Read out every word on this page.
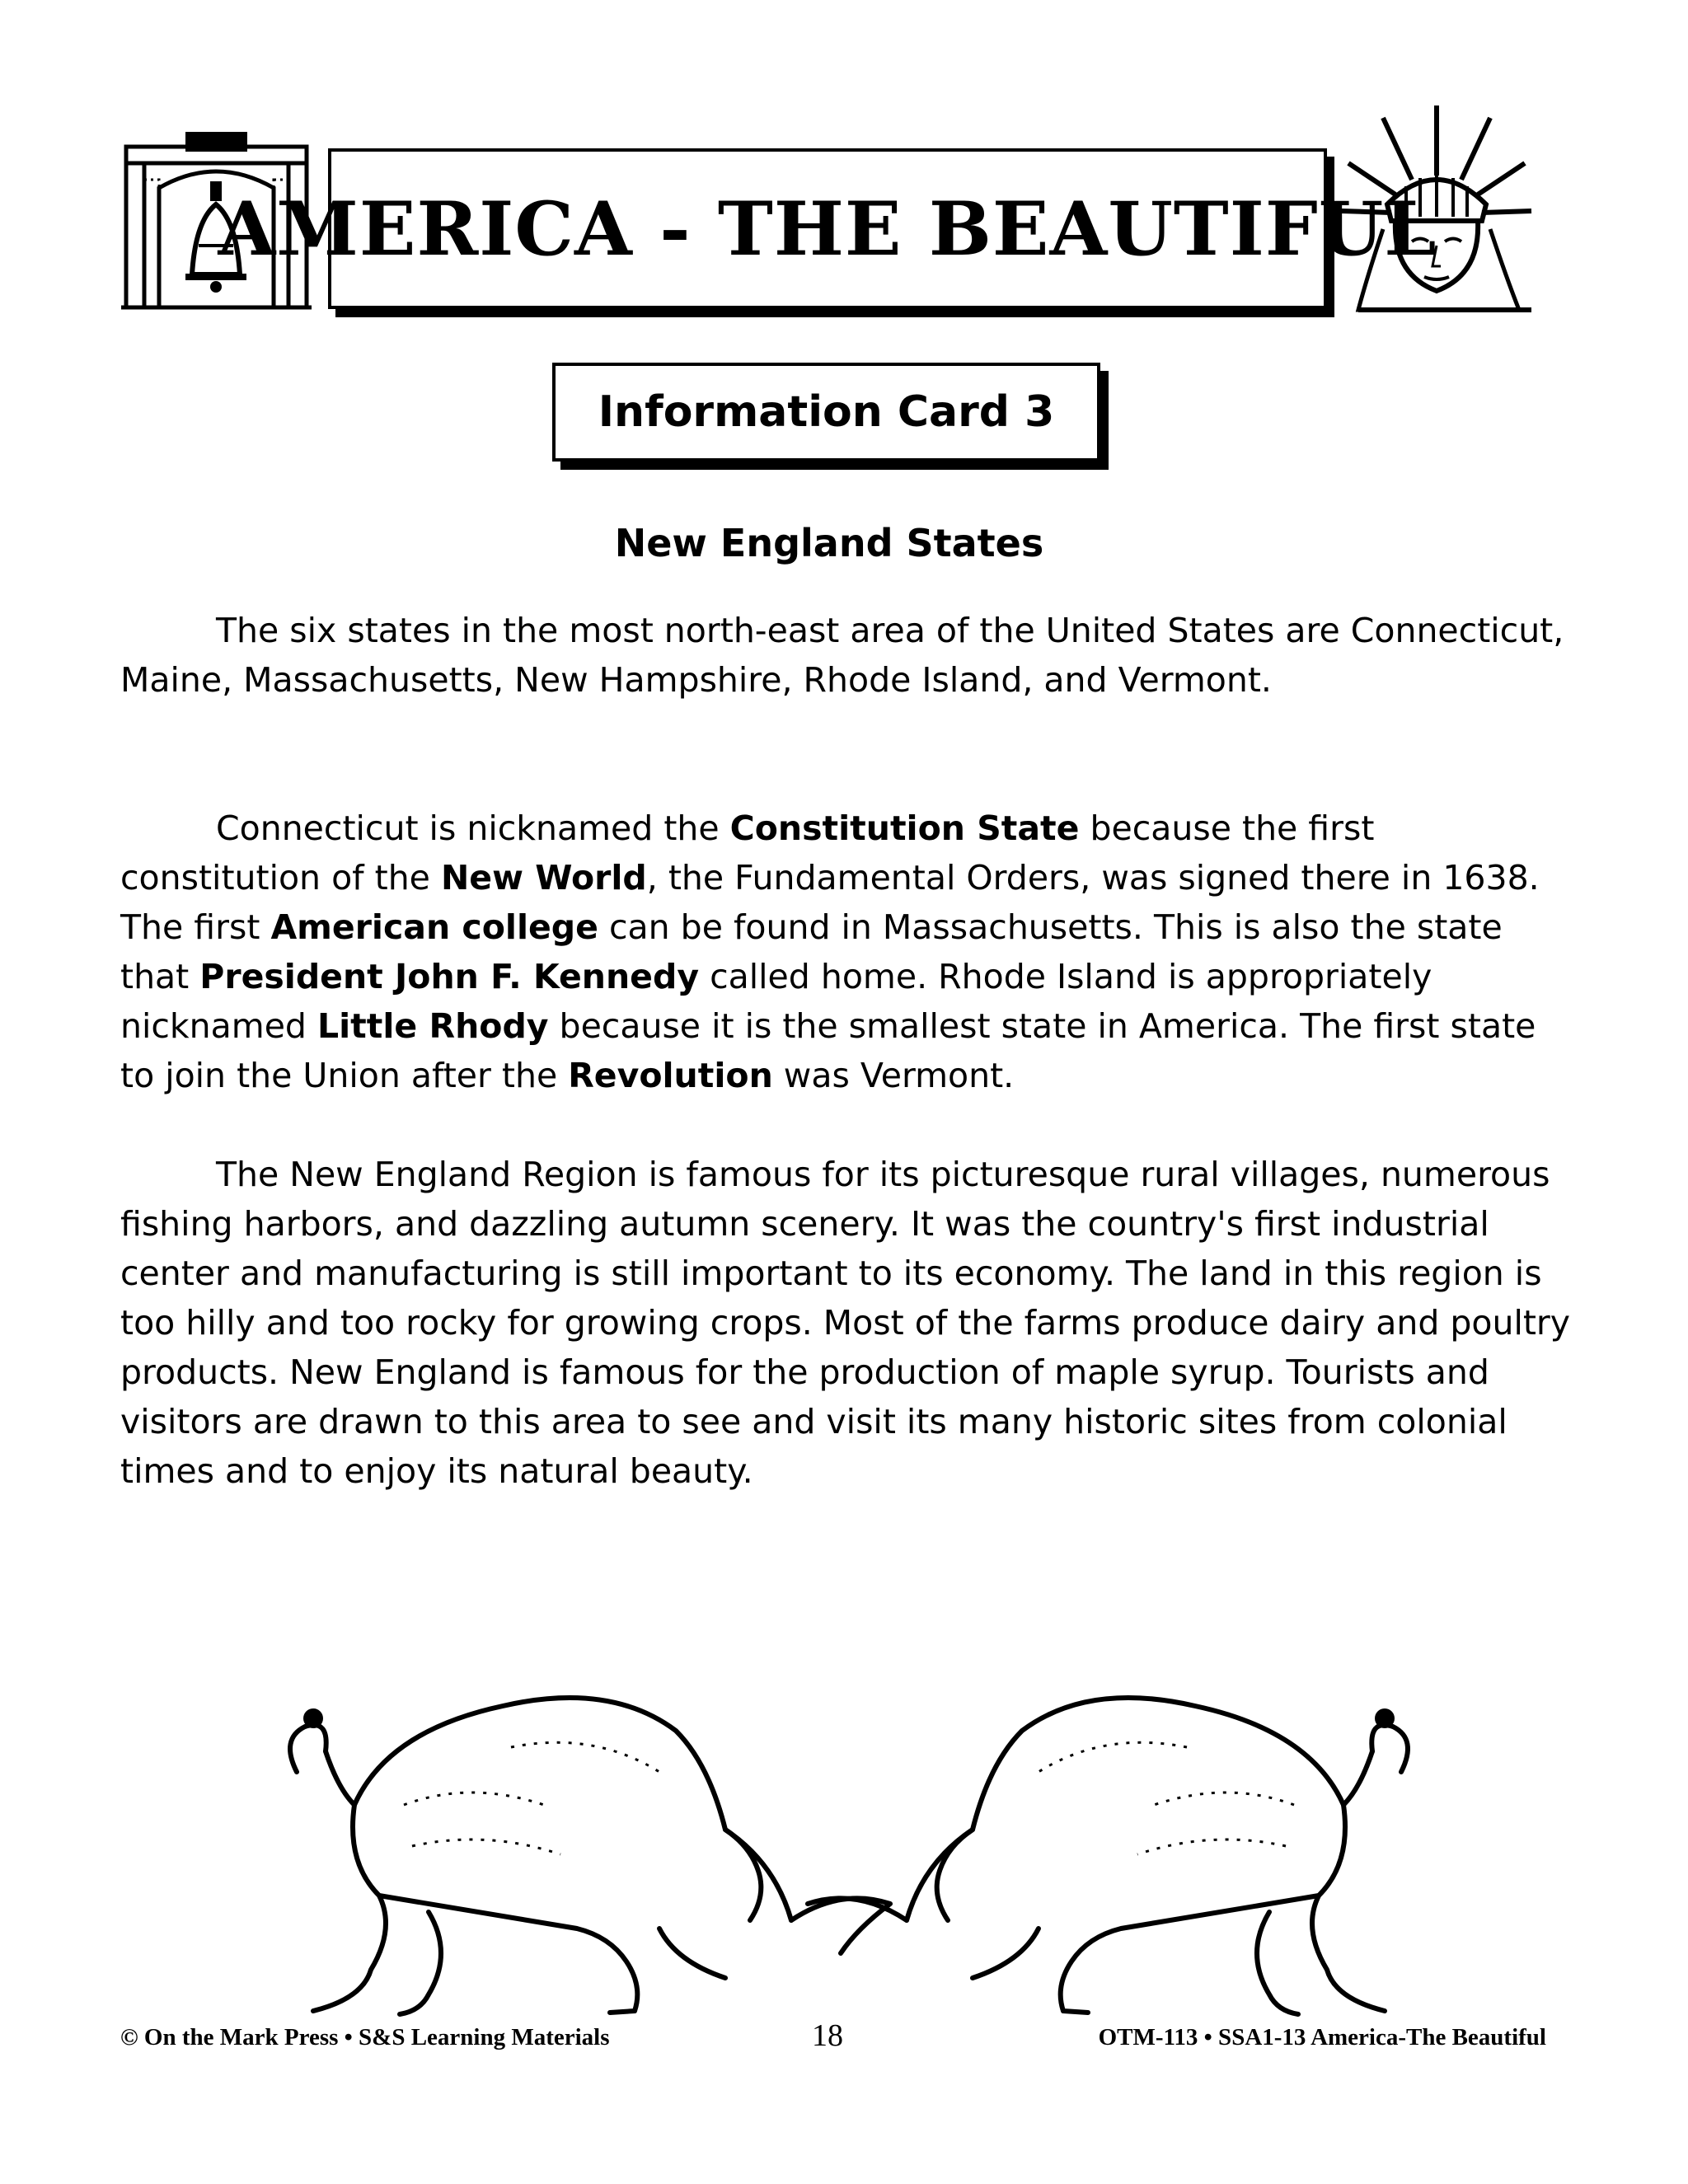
AMERICA - THE BEAUTIFUL
Information Card 3
New England States

The six states in the most north-east area of the United States are Connecticut, Maine, Massachusetts, New Hampshire, Rhode Island, and Vermont.

Connecticut is nicknamed the Constitution State because the first constitution of the New World, the Fundamental Orders, was signed there in 1638. The first American college can be found in Massachusetts. This is also the state that President John F. Kennedy called home. Rhode Island is appropriately nicknamed Little Rhody because it is the smallest state in America. The first state to join the Union after the Revolution was Vermont.

The New England Region is famous for its picturesque rural villages, numerous fishing harbors, and dazzling autumn scenery. It was the country's first industrial center and manufacturing is still important to its economy. The land in this region is too hilly and too rocky for growing crops. Most of the farms produce dairy and poultry products. New England is famous for the production of maple syrup. Tourists and visitors are drawn to this area to see and visit its many historic sites from colonial times and to enjoy its natural beauty.

© On the Mark Press • S&S Learning Materials	18	OTM-113 • SSA1-13 America-The Beautiful
